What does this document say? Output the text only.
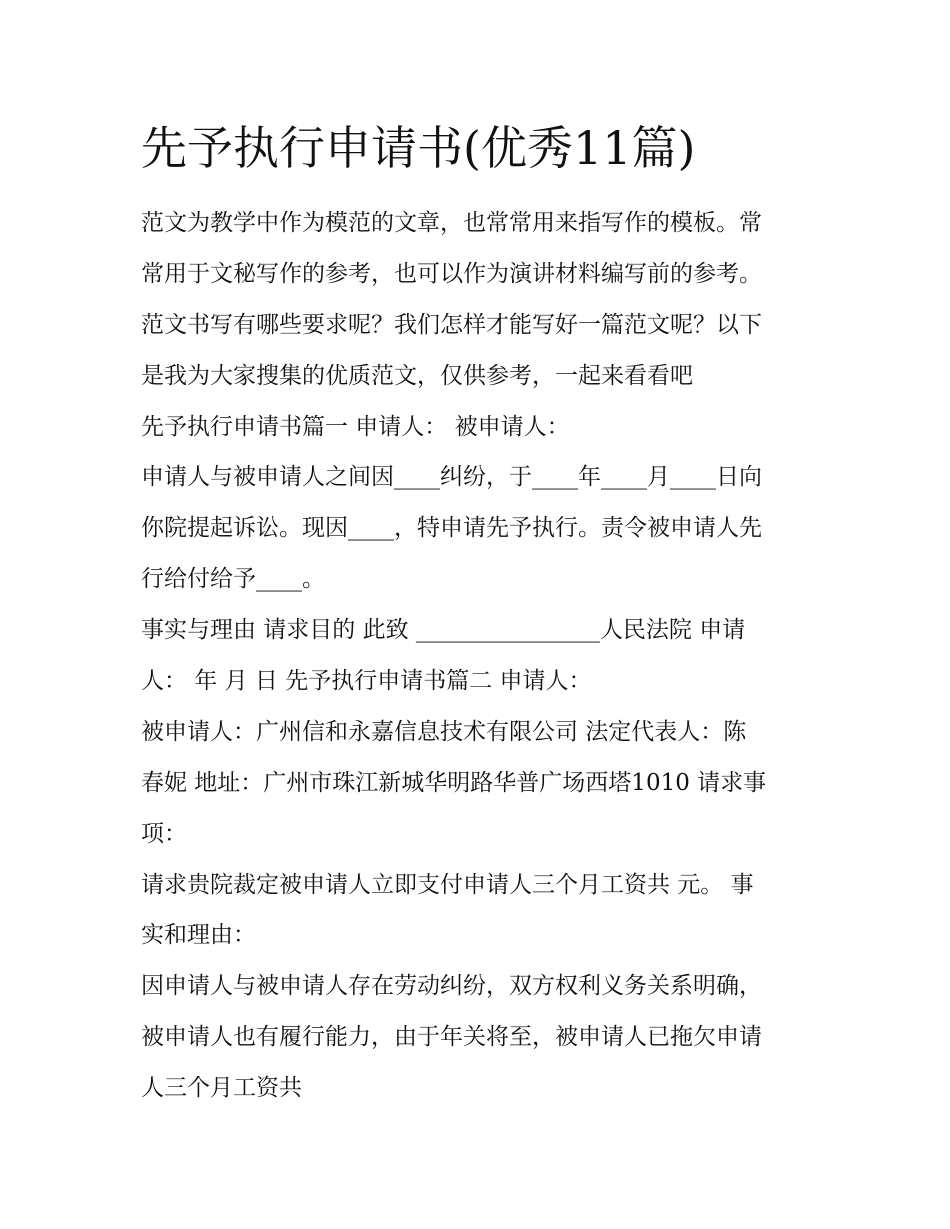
先予执行申请书(优秀11篇)

范文为教学中作为模范的文章，也常常用来指写作的模板。常

常用于文秘写作的参考，也可以作为演讲材料编写前的参考。

范文书写有哪些要求呢？我们怎样才能写好一篇范文呢？以下

是我为大家搜集的优质范文，仅供参考，一起来看看吧

先予执行申请书篇一 申请人： 被申请人：

申请人与被申请人之间因____纠纷，于____年____月____日向

你院提起诉讼。现因____，特申请先予执行。责令被申请人先

行给付给予____。

事实与理由 请求目的 此致 ________________人民法院 申请

人： 年 月 日 先予执行申请书篇二 申请人：

被申请人：广州信和永嘉信息技术有限公司 法定代表人：陈

春妮 地址：广州市珠江新城华明路华普广场西塔1010 请求事

项：

请求贵院裁定被申请人立即支付申请人三个月工资共 元。 事

实和理由：

因申请人与被申请人存在劳动纠纷，双方权利义务关系明确，

被申请人也有履行能力，由于年关将至，被申请人已拖欠申请

人三个月工资共
